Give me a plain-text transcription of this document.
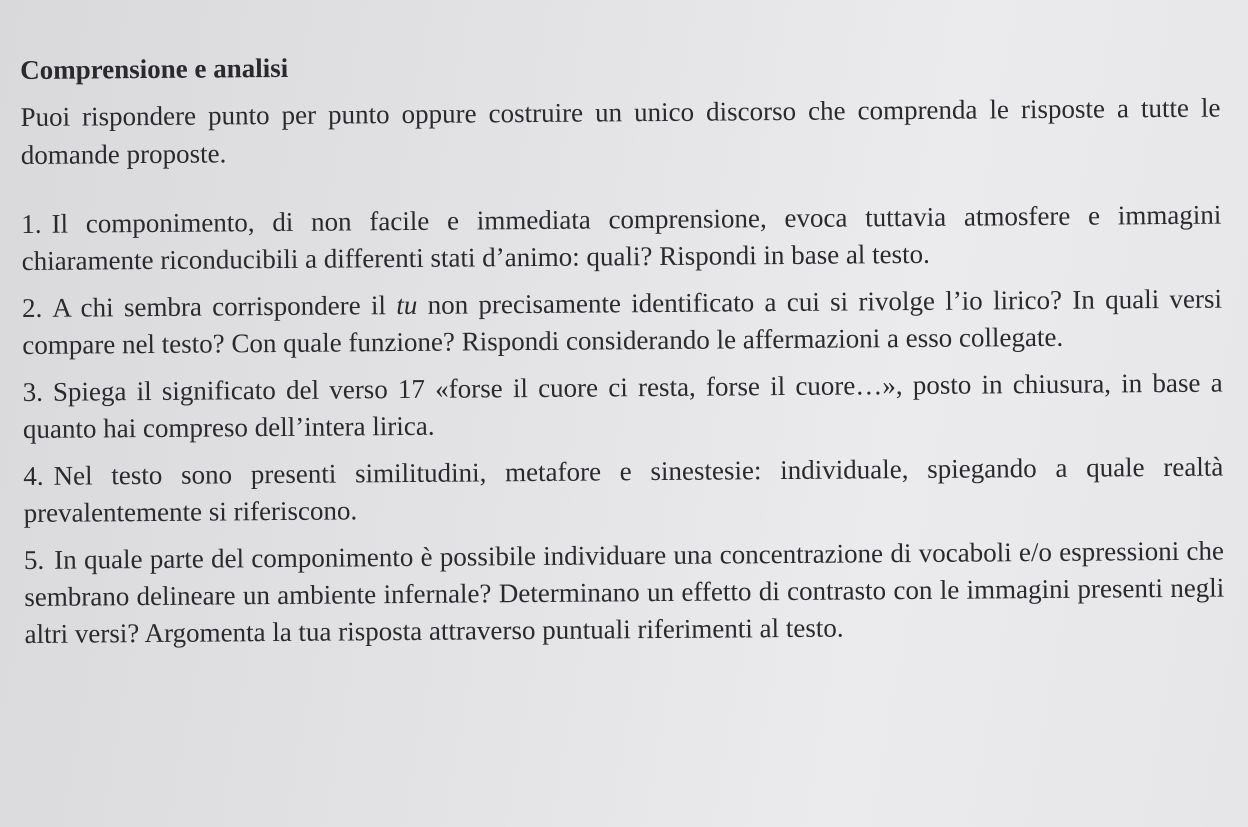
Comprensione e analisi

Puoi rispondere punto per punto oppure costruire un unico discorso che comprenda le risposte a tutte le domande proposte.

1. Il componimento, di non facile e immediata comprensione, evoca tuttavia atmosfere e immagini chiaramente riconducibili a differenti stati d’animo: quali? Rispondi in base al testo.
2. A chi sembra corrispondere il tu non precisamente identificato a cui si rivolge l’io lirico? In quali versi compare nel testo? Con quale funzione? Rispondi considerando le affermazioni a esso collegate.
3. Spiega il significato del verso 17 «forse il cuore ci resta, forse il cuore…», posto in chiusura, in base a quanto hai compreso dell’intera lirica.
4. Nel testo sono presenti similitudini, metafore e sinestesie: individuale, spiegando a quale realtà prevalentemente si riferiscono.
5. In quale parte del componimento è possibile individuare una concentrazione di vocaboli e/o espressioni che sembrano delineare un ambiente infernale? Determinano un effetto di contrasto con le immagini presenti negli altri versi? Argomenta la tua risposta attraverso puntuali riferimenti al testo.
